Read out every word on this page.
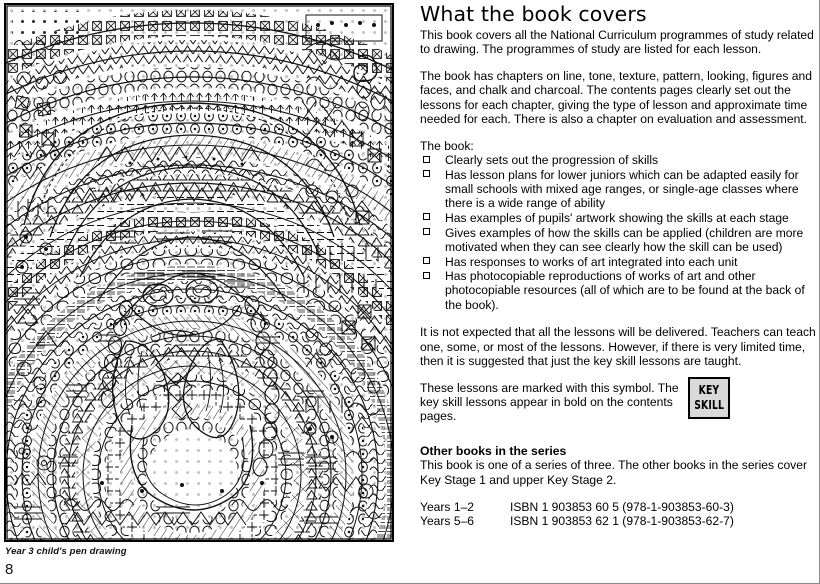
Year 3 child's pen drawing
8
What the book covers

This book covers all the National Curriculum programmes of study related to drawing. The programmes of study are listed for each lesson.

The book has chapters on line, tone, texture, pattern, looking, figures and faces, and chalk and charcoal. The contents pages clearly set out the lessons for each chapter, giving the type of lesson and approximate time needed for each. There is also a chapter on evaluation and assessment.

The book:

Clearly sets out the progression of skills
Has lesson plans for lower juniors which can be adapted easily for small schools with mixed age ranges, or single-age classes where there is a wide range of ability
Has examples of pupils' artwork showing the skills at each stage
Gives examples of how the skills can be applied (children are more motivated when they can see clearly how the skill can be used)
Has responses to works of art integrated into each unit
Has photocopiable reproductions of works of art and other photocopiable resources (all of which are to be found at the back of the book).

It is not expected that all the lessons will be delivered. Teachers can teach one, some, or most of the lessons. However, if there is very limited time, then it is suggested that just the key skill lessons are taught.

These lessons are marked with this symbol. The key skill lessons appear in bold on the contents pages.

KEY
SKILL

Other books in the series

This book is one of a series of three. The other books in the series cover Key Stage 1 and upper Key Stage 2.

Years 1–2	ISBN 1 903853 60 5 (978-1-903853-60-3)
Years 5–6	ISBN 1 903853 62 1 (978-1-903853-62-7)
